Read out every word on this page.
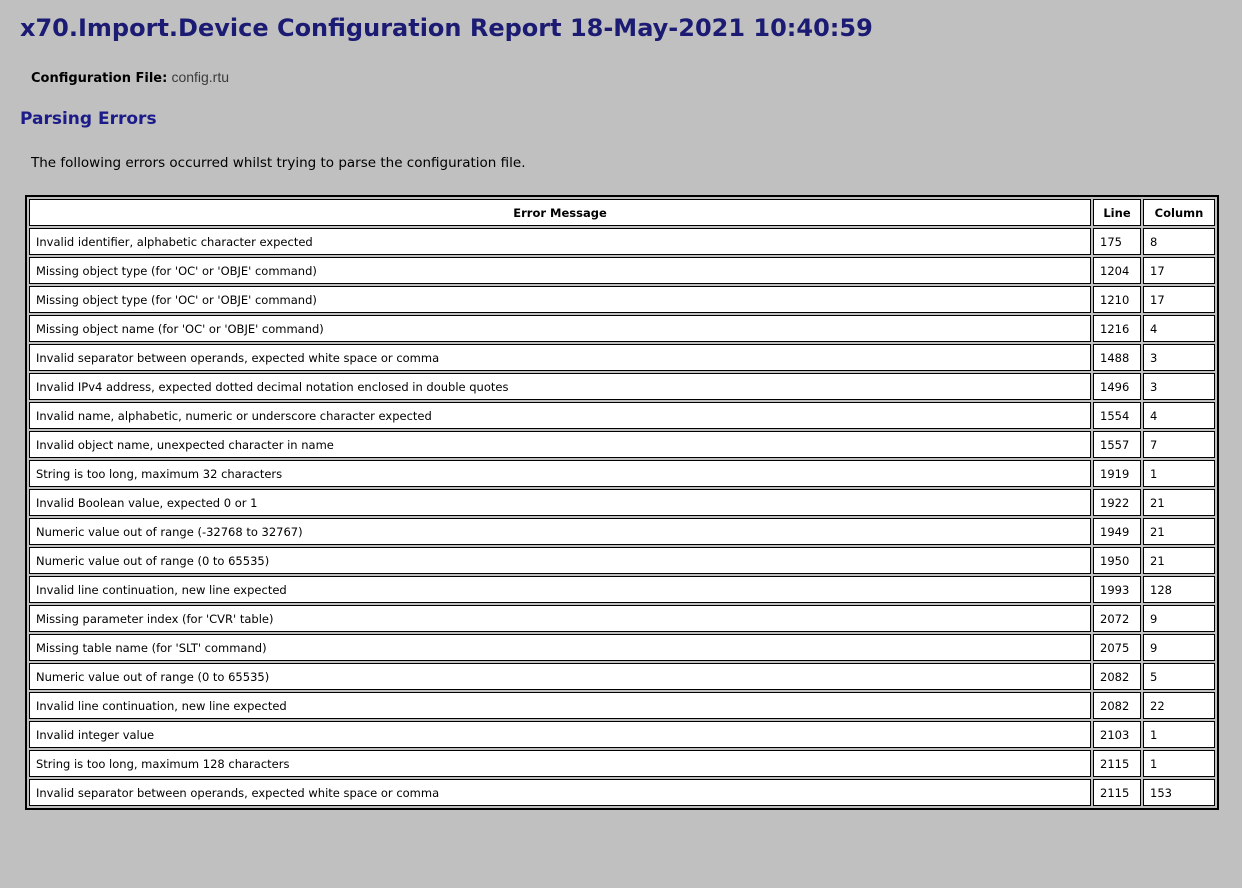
x70.Import.Device Configuration Report 18-May-2021 10:40:59
Configuration File: config.rtu
Parsing Errors

The following errors occurred whilst trying to parse the configuration file.

Error Message	Line	Column
Invalid identifier, alphabetic character expected	175	8
Missing object type (for 'OC' or 'OBJE' command)	1204	17
Missing object type (for 'OC' or 'OBJE' command)	1210	17
Missing object name (for 'OC' or 'OBJE' command)	1216	4
Invalid separator between operands, expected white space or comma	1488	3
Invalid IPv4 address, expected dotted decimal notation enclosed in double quotes	1496	3
Invalid name, alphabetic, numeric or underscore character expected	1554	4
Invalid object name, unexpected character in name	1557	7
String is too long, maximum 32 characters	1919	1
Invalid Boolean value, expected 0 or 1	1922	21
Numeric value out of range (-32768 to 32767)	1949	21
Numeric value out of range (0 to 65535)	1950	21
Invalid line continuation, new line expected	1993	128
Missing parameter index (for 'CVR' table)	2072	9
Missing table name (for 'SLT' command)	2075	9
Numeric value out of range (0 to 65535)	2082	5
Invalid line continuation, new line expected	2082	22
Invalid integer value	2103	1
String is too long, maximum 128 characters	2115	1
Invalid separator between operands, expected white space or comma	2115	153
